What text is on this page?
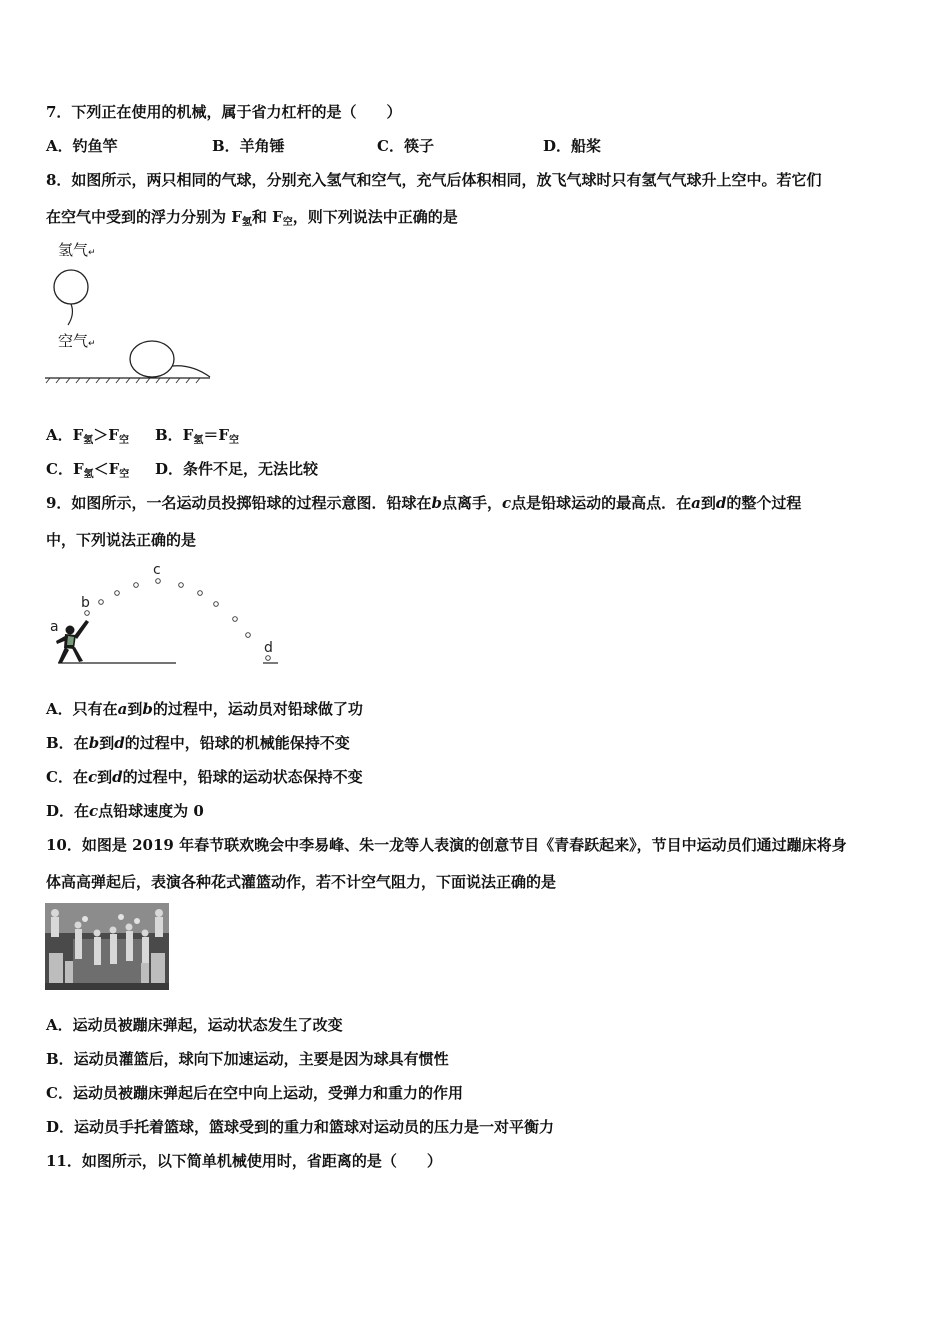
7．下列正在使用的机械，属于省力杠杆的是（　　）
A．钓鱼竿	B．羊角锤	C．筷子	D．船桨
8．如图所示，两只相同的气球，分别充入氢气和空气，充气后体积相同，放飞气球时只有氢气气球升上空中。若它们
在空气中受到的浮力分别为 $F_氢$和 $F_空$，则下列说法中正确的是
氢气↵
空气↵
A．$F_氢>F_空$ B．$F_氢=F_空$
C．$F_氢<F_空$ D．条件不足，无法比较
9．如图所示，一名运动员投掷铅球的过程示意图．铅球在b点离手，c点是铅球运动的最高点．在a到d的整个过程
中，下列说法正确的是
a
b
c
d
A．只有在a到b的过程中，运动员对铅球做了功
B．在b到d的过程中，铅球的机械能保持不变
C．在c到d的过程中，铅球的运动状态保持不变
D．在c点铅球速度为 0
10．如图是 2019 年春节联欢晚会中李易峰、朱一龙等人表演的创意节目《青春跃起来》，节目中运动员们通过蹦床将身
体高高弹起后，表演各种花式灌篮动作，若不计空气阻力，下面说法正确的是
A．运动员被蹦床弹起，运动状态发生了改变
B．运动员灌篮后，球向下加速运动，主要是因为球具有惯性
C．运动员被蹦床弹起后在空中向上运动，受弹力和重力的作用
D．运动员手托着篮球，篮球受到的重力和篮球对运动员的压力是一对平衡力
11．如图所示，以下简单机械使用时，省距离的是（　　）
